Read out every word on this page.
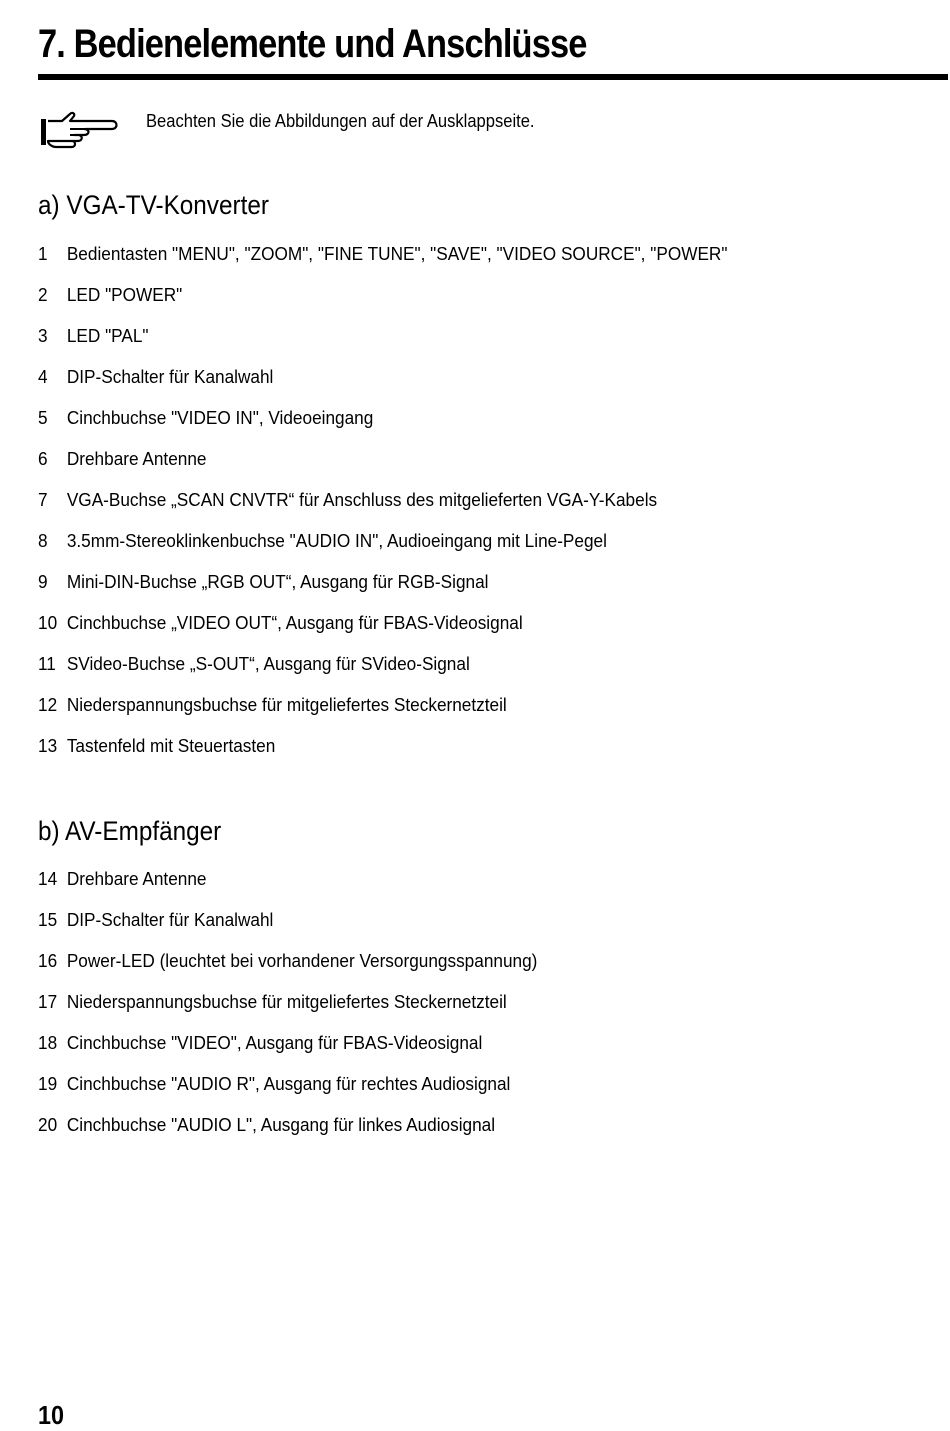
7. Bedienelemente und Anschlüsse
Beachten Sie die Abbildungen auf der Ausklappseite.
a) VGA-TV-Konverter
1 Bedientasten "MENU", "ZOOM", "FINE TUNE", "SAVE", "VIDEO SOURCE", "POWER"
2 LED "POWER"
3 LED "PAL"
4 DIP-Schalter für Kanalwahl
5 Cinchbuchse "VIDEO IN", Videoeingang
6 Drehbare Antenne
7 VGA-Buchse „SCAN CNVTR“ für Anschluss des mitgelieferten VGA-Y-Kabels
8 3.5mm-Stereoklinkenbuchse "AUDIO IN", Audioeingang mit Line-Pegel
9 Mini-DIN-Buchse „RGB OUT“, Ausgang für RGB-Signal
10 Cinchbuchse „VIDEO OUT“, Ausgang für FBAS-Videosignal
11 SVideo-Buchse „S-OUT“, Ausgang für SVideo-Signal
12 Niederspannungsbuchse für mitgeliefertes Steckernetzteil
13 Tastenfeld mit Steuertasten
b) AV-Empfänger
14 Drehbare Antenne
15 DIP-Schalter für Kanalwahl
16 Power-LED (leuchtet bei vorhandener Versorgungsspannung)
17 Niederspannungsbuchse für mitgeliefertes Steckernetzteil
18 Cinchbuchse "VIDEO", Ausgang für FBAS-Videosignal
19 Cinchbuchse "AUDIO R", Ausgang für rechtes Audiosignal
20 Cinchbuchse "AUDIO L", Ausgang für linkes Audiosignal
10
